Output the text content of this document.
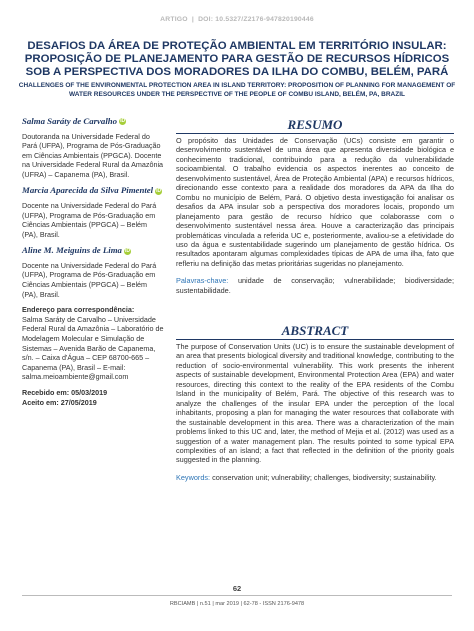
ARTIGO | DOI: 10.5327/Z2176-947820190446
DESAFIOS DA ÁREA DE PROTEÇÃO AMBIENTAL EM TERRITÓRIO INSULAR: PROPOSIÇÃO DE PLANEJAMENTO PARA GESTÃO DE RECURSOS HÍDRICOS SOB A PERSPECTIVA DOS MORADORES DA ILHA DO COMBU, BELÉM, PARÁ
CHALLENGES OF THE ENVIRONMENTAL PROTECTION AREA IN ISLAND TERRITORY: PROPOSITION OF PLANNING FOR MANAGEMENT OF WATER RESOURCES UNDER THE PERSPECTIVE OF THE PEOPLE OF COMBU ISLAND, BELÉM, PA, BRAZIL
Salma Saráty de Carvalho iD
Doutoranda na Universidade Federal do Pará (UFPA), Programa de Pós-Graduação em Ciências Ambientais (PPGCA). Docente na Universidade Federal Rural da Amazônia (UFRA) – Capanema (PA), Brasil.
Marcia Aparecida da Silva Pimentel iD
Docente na Universidade Federal do Pará (UFPA), Programa de Pós-Graduação em Ciências Ambientais (PPGCA) – Belém (PA), Brasil.
Aline M. Meiguins de Lima iD
Docente na Universidade Federal do Pará (UFPA), Programa de Pós-Graduação em Ciências Ambientais (PPGCA) – Belém (PA), Brasil.
Endereço para correspondência:
Salma Saráty de Carvalho – Universidade Federal Rural da Amazônia – Laboratório de Modelagem Molecular e Simulação de Sistemas – Avenida Barão de Capanema, s/n. – Caixa d'Água – CEP 68700-665 – Capanema (PA), Brasil – E-mail: salma.meioambiente@gmail.com
Recebido em: 05/03/2019
Aceito em: 27/05/2019
RESUMO
O propósito das Unidades de Conservação (UCs) consiste em garantir o desenvolvimento sustentável de uma área que apresenta diversidade biológica e conhecimento tradicional, contribuindo para a redução da vulnerabilidade socioambiental. O trabalho evidencia os aspectos inerentes ao conceito de desenvolvimento sustentável, Área de Proteção Ambiental (APA) e recursos hídricos, direcionando esse contexto para a realidade dos moradores da APA da Ilha do Combu no município de Belém, Pará. O objetivo desta investigação foi analisar os desafios da APA insular sob a perspectiva dos moradores locais, propondo um planejamento para gestão de recurso hídrico que colaborasse com o desenvolvimento sustentável nessa área. Houve a caracterização das principais problemáticas vinculada a referida UC e, posteriormente, avaliou-se a efetividade do uso da água e sustentabilidade sugerindo um planejamento de gestão hídrica. Os resultados apontaram algumas complexidades típicas de APA de uma ilha, fato que reflетiu na definição das metas prioritárias sugeridas no planejamento.
Palavras-chave: unidade de conservação; vulnerabilidade; biodiversidade; sustentabilidade.
ABSTRACT
The purpose of Conservation Units (UC) is to ensure the sustainable development of an area that presents biological diversity and traditional knowledge, contributing to the reduction of socio-environmental vulnerability. This work presents the inherent aspects of sustainable development, Environmental Protection Area (EPA) and water resources, directing this context to the reality of the EPA residents of the Combu Island in the municipality of Belém, Pará. The objective of this research was to analyze the challenges of the insular EPA under the perception of the local inhabitants, proposing a plan for managing the water resources that collaborate with the sustainable development in this area. There was a characterization of the main problems linked to this UC and, later, the method of Mejia et al. (2012) was used as a suggestion of a water management plan. The results pointed to some typical EPA complexities of an island; a fact that reflected in the definition of the priority goals suggested in the planning.
Keywords: conservation unit; vulnerability; challenges, biodiversity; sustainability.
62
RBCIAMB | n.51 | mar 2019 | 62-78 - ISSN 2176-9478
